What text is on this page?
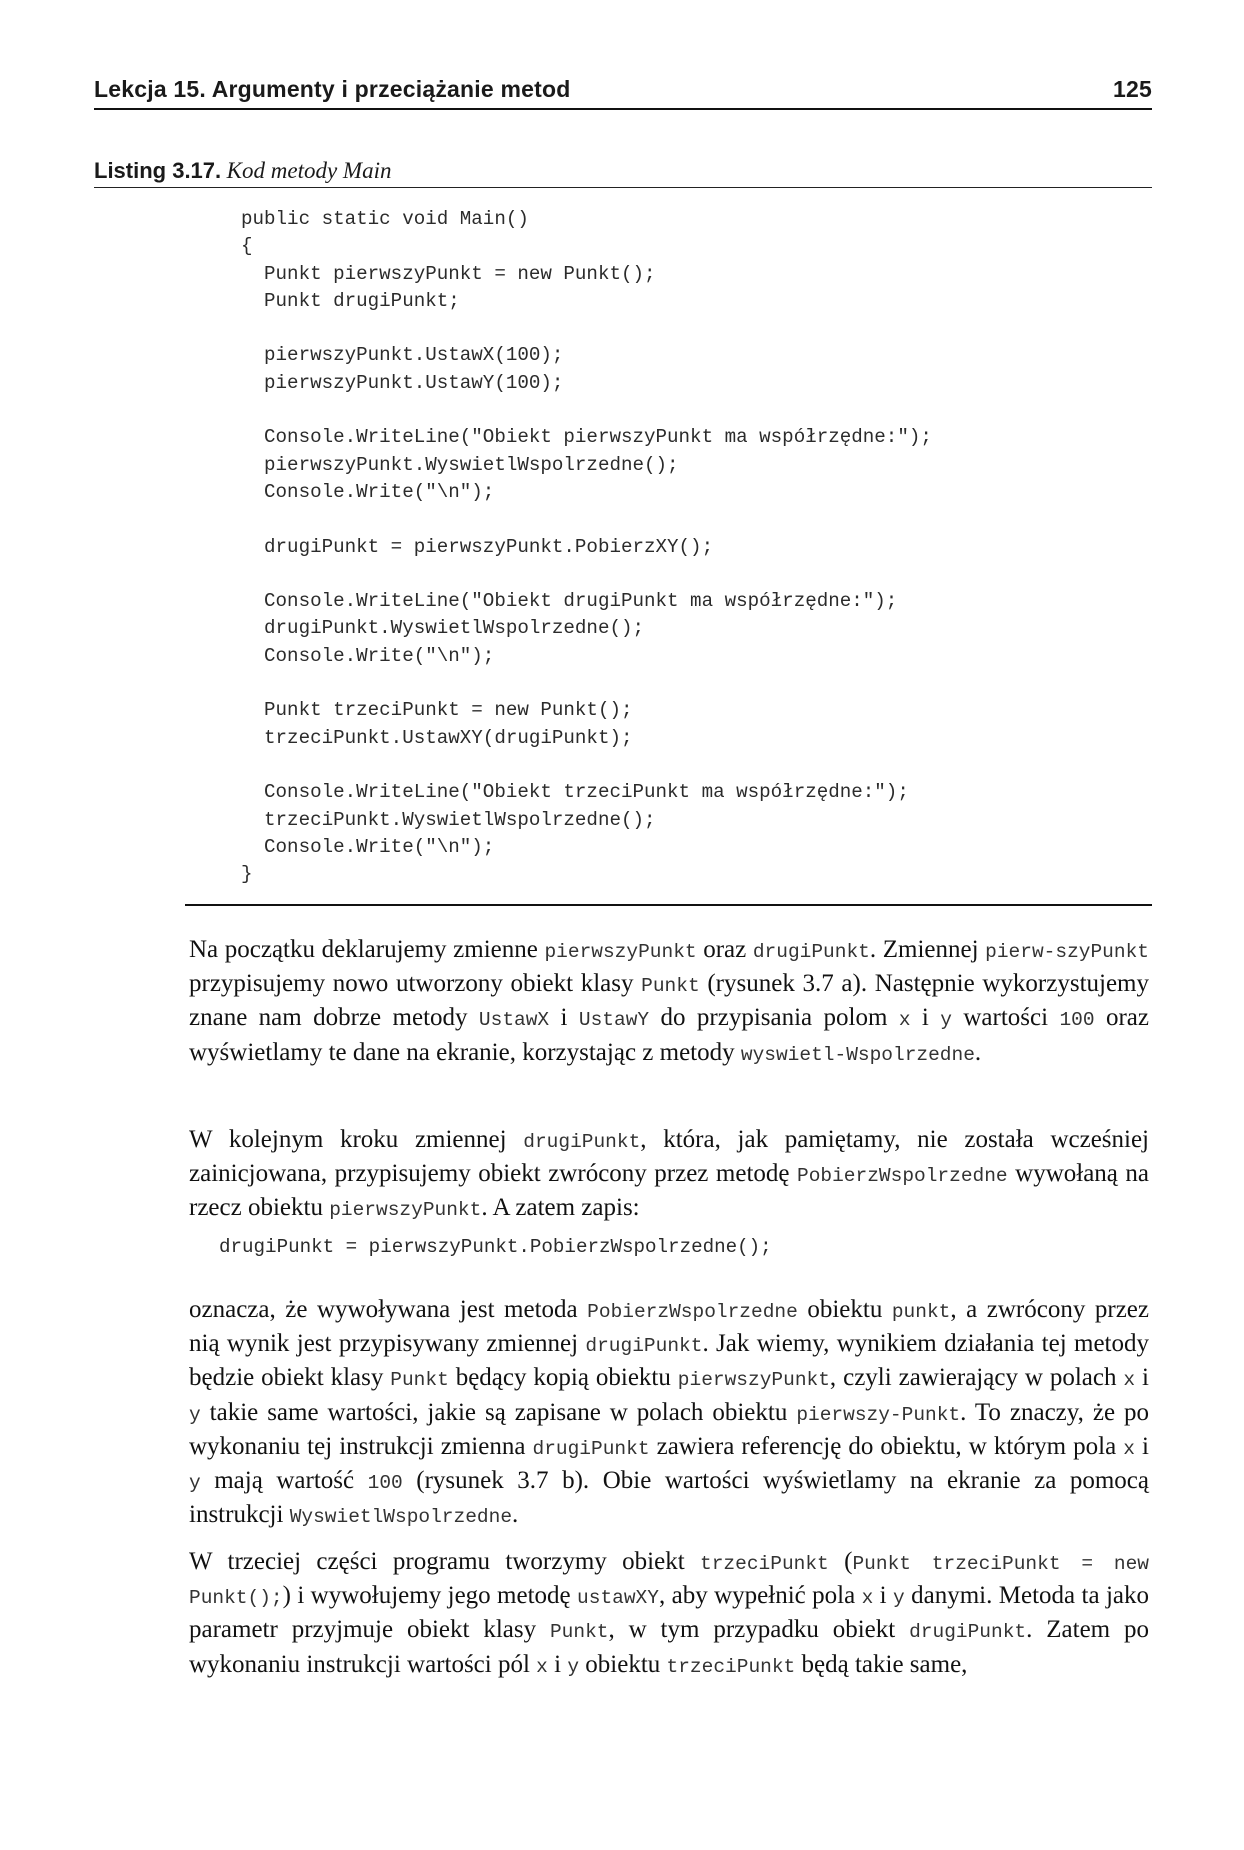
Lekcja 15. Argumenty i przeciążanie metod	125
Listing 3.17. Kod metody Main
public static void Main()
{
Punkt pierwszyPunkt = new Punkt();
Punkt drugiPunkt;
pierwszyPunkt.UstawX(100);
pierwszyPunkt.UstawY(100);
Console.WriteLine("Obiekt pierwszyPunkt ma współrzędne:");
pierwszyPunkt.WyswietlWspolrzedne();
Console.Write("\n");
drugiPunkt = pierwszyPunkt.PobierzXY();
Console.WriteLine("Obiekt drugiPunkt ma współrzędne:");
drugiPunkt.WyswietlWspolrzedne();
Console.Write("\n");
Punkt trzeciPunkt = new Punkt();
trzeciPunkt.UstawXY(drugiPunkt);
Console.WriteLine("Obiekt trzeciPunkt ma współrzędne:");
trzeciPunkt.WyswietlWspolrzedne();
Console.Write("\n");
}
Na początku deklarujemy zmienne pierwszyPunkt oraz drugiPunkt. Zmiennej pierw-szyPunkt przypisujemy nowo utworzony obiekt klasy Punkt (rysunek 3.7 a). Następnie wykorzystujemy znane nam dobrze metody UstawX i UstawY do przypisania polom x i y wartości 100 oraz wyświetlamy te dane na ekranie, korzystając z metody wyswietl-Wspolrzedne.
W kolejnym kroku zmiennej drugiPunkt, która, jak pamiętamy, nie została wcześniej zainicjowana, przypisujemy obiekt zwrócony przez metodę PobierzWspolrzedne wywołaną na rzecz obiektu pierwszyPunkt. A zatem zapis:
drugiPunkt = pierwszyPunkt.PobierzWspolrzedne();
oznacza, że wywoływana jest metoda PobierzWspolrzedne obiektu punkt, a zwrócony przez nią wynik jest przypisywany zmiennej drugiPunkt. Jak wiemy, wynikiem działania tej metody będzie obiekt klasy Punkt będący kopią obiektu pierwszyPunkt, czyli zawierający w polach x i y takie same wartości, jakie są zapisane w polach obiektu pierwszy-Punkt. To znaczy, że po wykonaniu tej instrukcji zmienna drugiPunkt zawiera referencję do obiektu, w którym pola x i y mają wartość 100 (rysunek 3.7 b). Obie wartości wyświetlamy na ekranie za pomocą instrukcji WyswietlWspolrzedne.
W trzeciej części programu tworzymy obiekt trzeciPunkt (Punkt trzeciPunkt = new Punkt();) i wywołujemy jego metodę ustawXY, aby wypełnić pola x i y danymi. Metoda ta jako parametr przyjmuje obiekt klasy Punkt, w tym przypadku obiekt drugiPunkt. Zatem po wykonaniu instrukcji wartości pól x i y obiektu trzeciPunkt będą takie same,
